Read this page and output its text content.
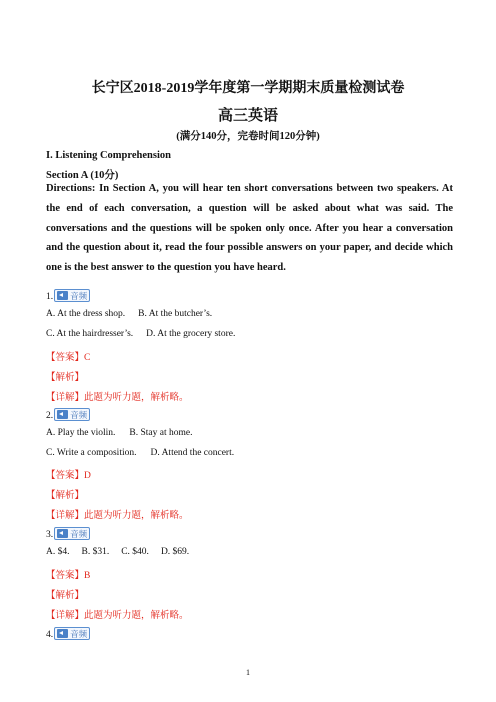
长宁区2018-2019学年度第一学期期末质量检测试卷
高三英语
(满分140分，完卷时间120分钟)
I. Listening Comprehension
Section A (10分)
Directions: In Section A, you will hear ten short conversations between two speakers. At the end of each conversation, a question will be asked about what was said. The conversations and the questions will be spoken only once. After you hear a conversation and the question about it, read the four possible answers on your paper, and decide which one is the best answer to the question you have heard.
1. 音频
A. At the dress shop. B. At the butcher’s.
C. At the hairdresser’s. D. At the grocery store.
【答案】C
【解析】
【详解】此题为听力题，解析略。
2. 音频
A. Play the violin. B. Stay at home.
C. Write a composition. D. Attend the concert.
【答案】D
【解析】
【详解】此题为听力题，解析略。
3. 音频
A. $4. B. $31. C. $40. D. $69.
【答案】B
【解析】
【详解】此题为听力题，解析略。
4. 音频
1
